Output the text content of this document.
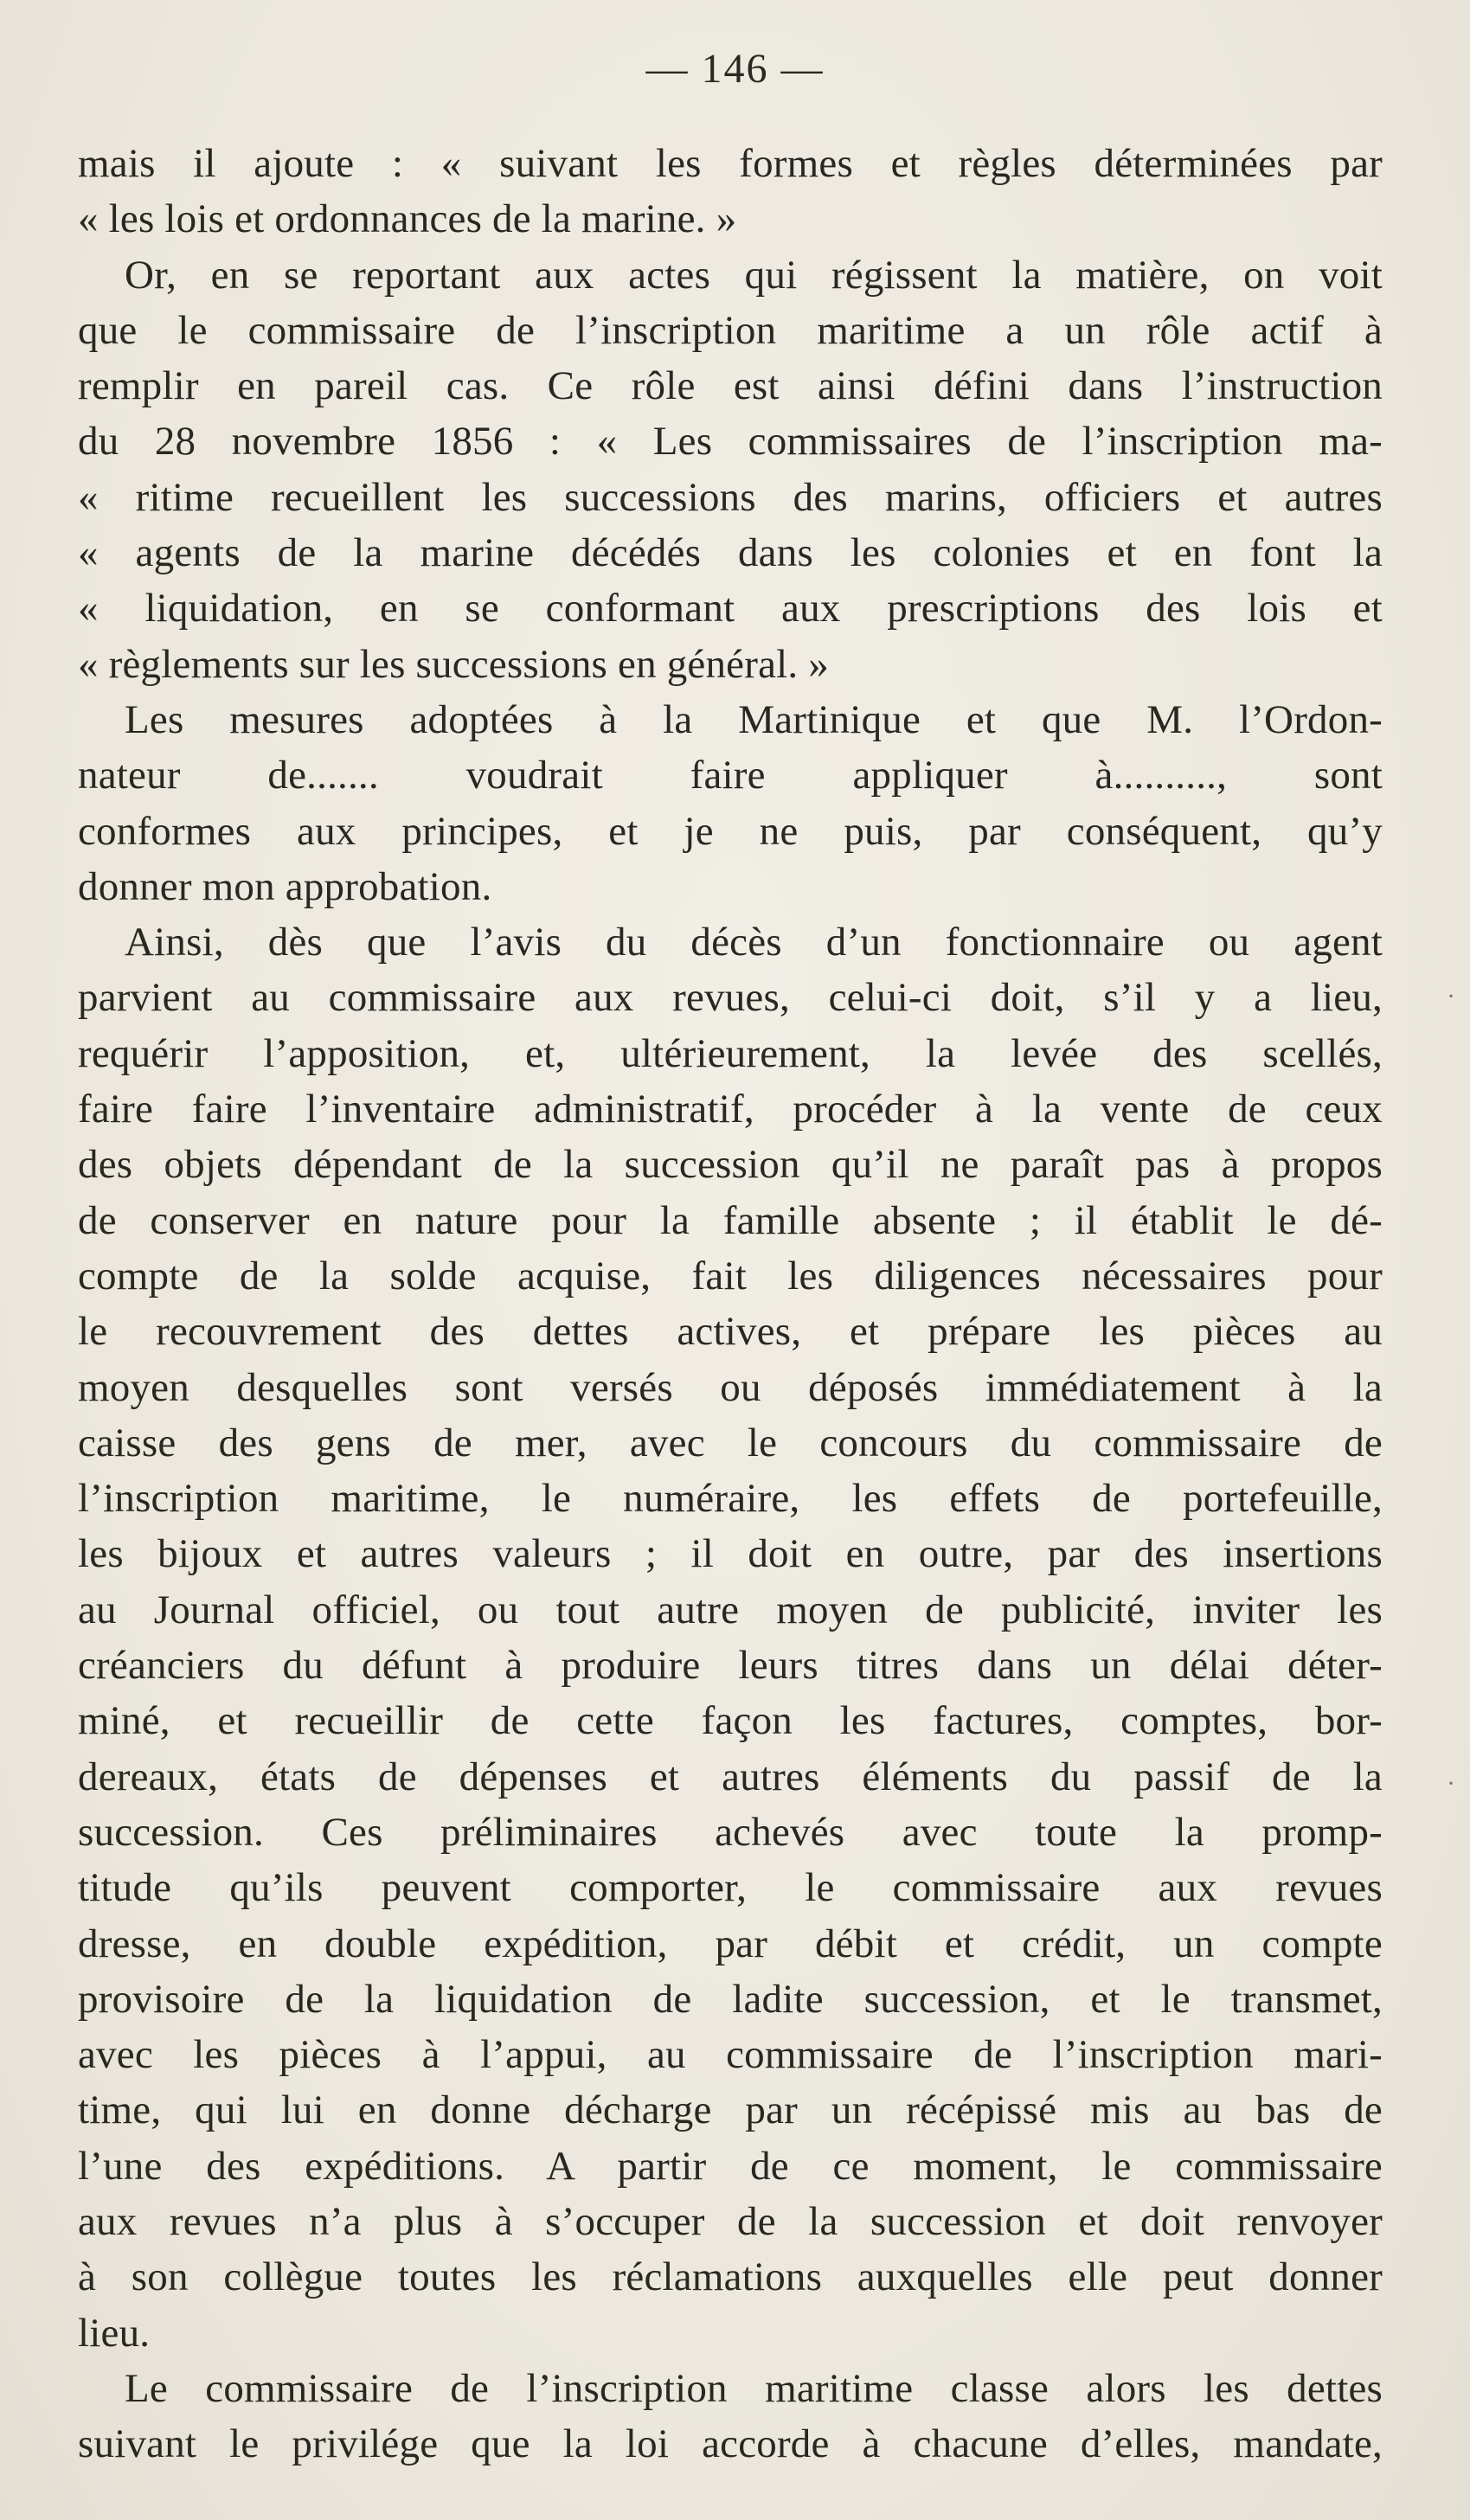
— 146 —
mais il ajoute : « suivant les formes et règles déterminées par
« les lois et ordonnances de la marine. »
Or, en se reportant aux actes qui régissent la matière, on voit
que le commissaire de l’inscription maritime a un rôle actif à
remplir en pareil cas. Ce rôle est ainsi défini dans l’instruction
du 28 novembre 1856 : « Les commissaires de l’inscription ma-
« ritime recueillent les successions des marins, officiers et autres
« agents de la marine décédés dans les colonies et en font la
« liquidation, en se conformant aux prescriptions des lois et
« règlements sur les successions en général. »
Les mesures adoptées à la Martinique et que M. l’Ordon-
nateur de....... voudrait faire appliquer à.........., sont
conformes aux principes, et je ne puis, par conséquent, qu’y
donner mon approbation.
Ainsi, dès que l’avis du décès d’un fonctionnaire ou agent
parvient au commissaire aux revues, celui-ci doit, s’il y a lieu,
requérir l’apposition, et, ultérieurement, la levée des scellés,
faire faire l’inventaire administratif, procéder à la vente de ceux
des objets dépendant de la succession qu’il ne paraît pas à propos
de conserver en nature pour la famille absente ; il établit le dé-
compte de la solde acquise, fait les diligences nécessaires pour
le recouvrement des dettes actives, et prépare les pièces au
moyen desquelles sont versés ou déposés immédiatement à la
caisse des gens de mer, avec le concours du commissaire de
l’inscription maritime, le numéraire, les effets de portefeuille,
les bijoux et autres valeurs ; il doit en outre, par des insertions
au Journal officiel, ou tout autre moyen de publicité, inviter les
créanciers du défunt à produire leurs titres dans un délai déter-
miné, et recueillir de cette façon les factures, comptes, bor-
dereaux, états de dépenses et autres éléments du passif de la
succession. Ces préliminaires achevés avec toute la promp-
titude qu’ils peuvent comporter, le commissaire aux revues
dresse, en double expédition, par débit et crédit, un compte
provisoire de la liquidation de ladite succession, et le transmet,
avec les pièces à l’appui, au commissaire de l’inscription mari-
time, qui lui en donne décharge par un récépissé mis au bas de
l’une des expéditions. A partir de ce moment, le commissaire
aux revues n’a plus à s’occuper de la succession et doit renvoyer
à son collègue toutes les réclamations auxquelles elle peut donner
lieu.
Le commissaire de l’inscription maritime classe alors les dettes
suivant le privilége que la loi accorde à chacune d’elles, mandate,
·
·
